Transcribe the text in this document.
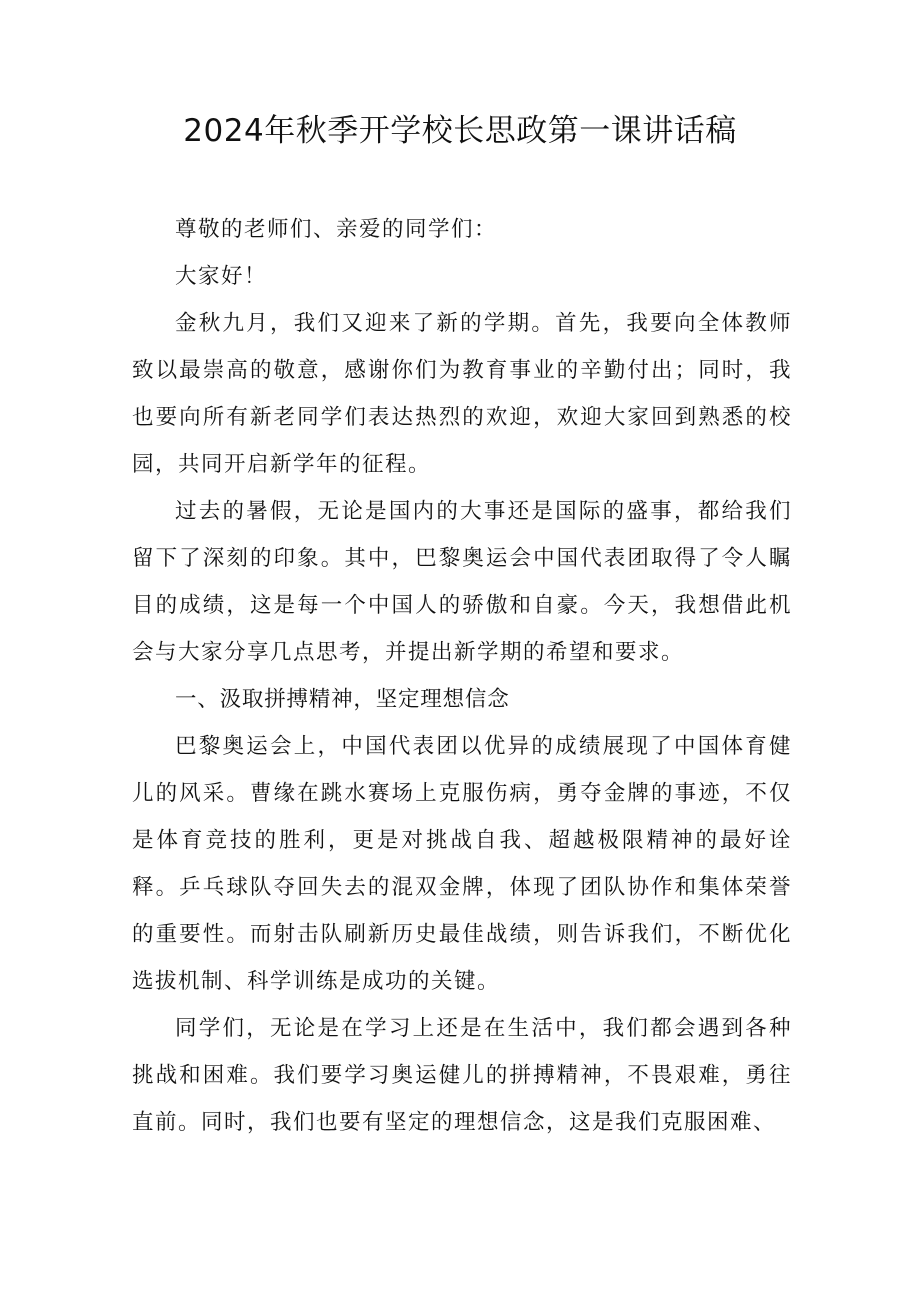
2024年秋季开学校长思政第一课讲话稿

尊敬的老师们、亲爱的同学们：

大家好！

金秋九月，我们又迎来了新的学期。首先，我要向全体教师致以最崇高的敬意，感谢你们为教育事业的辛勤付出；同时，我也要向所有新老同学们表达热烈的欢迎，欢迎大家回到熟悉的校园，共同开启新学年的征程。

过去的暑假，无论是国内的大事还是国际的盛事，都给我们留下了深刻的印象。其中，巴黎奥运会中国代表团取得了令人瞩目的成绩，这是每一个中国人的骄傲和自豪。今天，我想借此机会与大家分享几点思考，并提出新学期的希望和要求。

一、汲取拼搏精神，坚定理想信念

巴黎奥运会上，中国代表团以优异的成绩展现了中国体育健儿的风采。曹缘在跳水赛场上克服伤病，勇夺金牌的事迹，不仅是体育竞技的胜利，更是对挑战自我、超越极限精神的最好诠释。乒乓球队夺回失去的混双金牌，体现了团队协作和集体荣誉的重要性。而射击队刷新历史最佳战绩，则告诉我们，不断优化选拔机制、科学训练是成功的关键。

同学们，无论是在学习上还是在生活中，我们都会遇到各种挑战和困难。我们要学习奥运健儿的拼搏精神，不畏艰难，勇往直前。同时，我们也要有坚定的理想信念，这是我们克服困难、
